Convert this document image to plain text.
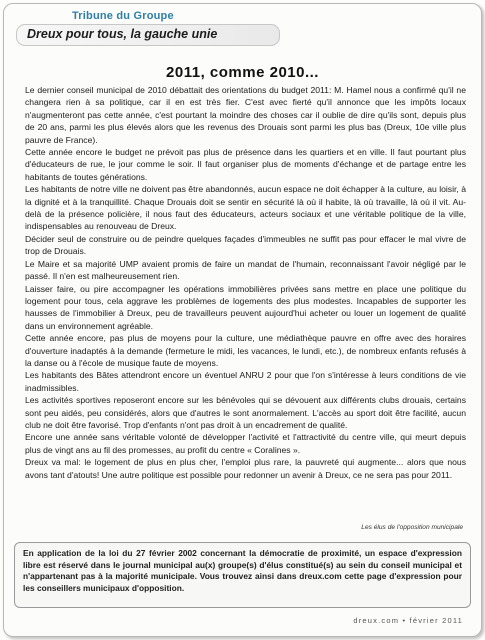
Tribune du Groupe
Dreux pour tous, la gauche unie
2011, comme 2010...

Le dernier conseil municipal de 2010 débattait des orientations du budget 2011: M. Hamel nous a confirmé qu'il ne changera rien à sa politique, car il en est très fier. C'est avec fierté qu'il annonce que les impôts locaux n'augmenteront pas cette année, c'est pourtant la moindre des choses car il oublie de dire qu'ils sont, depuis plus de 20 ans, parmi les plus élevés alors que les revenus des Drouais sont parmi les plus bas (Dreux, 10e ville plus pauvre de France).

Cette année encore le budget ne prévoit pas plus de présence dans les quartiers et en ville. Il faut pourtant plus d'éducateurs de rue, le jour comme le soir. Il faut organiser plus de moments d'échange et de partage entre les habitants de toutes générations.

Les habitants de notre ville ne doivent pas être abandonnés, aucun espace ne doit échapper à la culture, au loisir, à la dignité et à la tranquillité. Chaque Drouais doit se sentir en sécurité là où il habite, là où travaille, là où il vit. Au-delà de la présence policière, il nous faut des éducateurs, acteurs sociaux et une véritable politique de la ville, indispensables au renouveau de Dreux.

Décider seul de construire ou de peindre quelques façades d'immeubles ne suffit pas pour effacer le mal vivre de trop de Drouais.

Le Maire et sa majorité UMP avaient promis de faire un mandat de l'humain, reconnaissant l'avoir négligé par le passé. Il n'en est malheureusement rien.

Laisser faire, ou pire accompagner les opérations immobilières privées sans mettre en place une politique du logement pour tous, cela aggrave les problèmes de logements des plus modestes. Incapables de supporter les hausses de l'immobilier à Dreux, peu de travailleurs peuvent aujourd'hui acheter ou louer un logement de qualité dans un environnement agréable.

Cette année encore, pas plus de moyens pour la culture, une médiathèque pauvre en offre avec des horaires d'ouverture inadaptés à la demande (fermeture le midi, les vacances, le lundi, etc.), de nombreux enfants refusés à la danse ou à l'école de musique faute de moyens.

Les habitants des Bâtes attendront encore un éventuel ANRU 2 pour que l'on s'intéresse à leurs conditions de vie inadmissibles.

Les activités sportives reposeront encore sur les bénévoles qui se dévouent aux différents clubs drouais, certains sont peu aidés, peu considérés, alors que d'autres le sont anormalement. L'accès au sport doit être facilité, aucun club ne doit être favorisé. Trop d'enfants n'ont pas droit à un encadrement de qualité.

Encore une année sans véritable volonté de développer l'activité et l'attractivité du centre ville, qui meurt depuis plus de vingt ans au fil des promesses, au profit du centre « Coralines ».

Dreux va mal: le logement de plus en plus cher, l'emploi plus rare, la pauvreté qui augmente... alors que nous avons tant d'atouts! Une autre politique est possible pour redonner un avenir à Dreux, ce ne sera pas pour 2011.

Les élus de l'opposition municipale
En application de la loi du 27 février 2002 concernant la démocratie de proximité, un espace d'expression libre est réservé dans le journal municipal au(x) groupe(s) d'élus constitué(s) au sein du conseil municipal et n'appartenant pas à la majorité municipale. Vous trouvez ainsi dans dreux.com cette page d'expression pour les conseillers municipaux d'opposition.
dreux.com • février 2011
